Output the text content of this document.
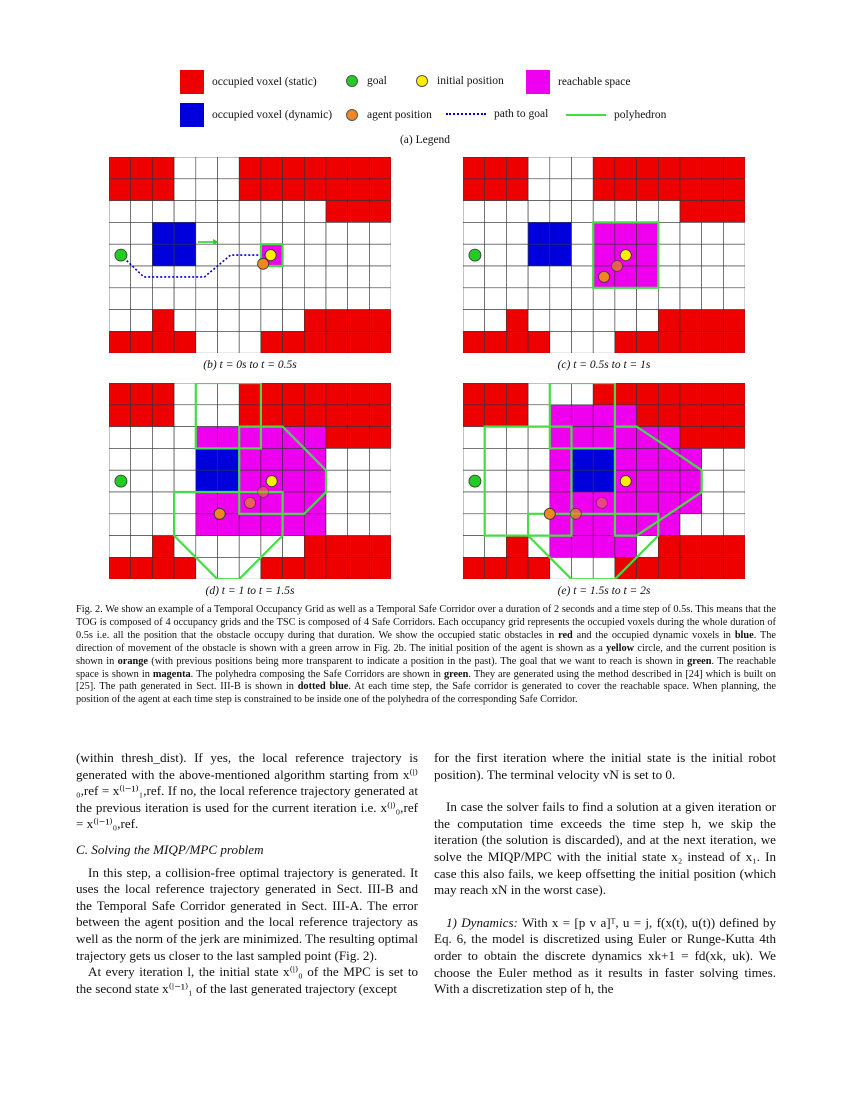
occupied voxel (static)	goal	initial position	reachable space
occupied voxel (dynamic)	agent position	path to goal	polyhedron
(a) Legend
(b) t = 0s to t = 0.5s	(c) t = 0.5s to t = 1s
(d) t = 1 to t = 1.5s	(e) t = 1.5s to t = 2s
Fig. 2. We show an example of a Temporal Occupancy Grid as well as a Temporal Safe Corridor over a duration of 2 seconds and a time step of 0.5s. This means that the TOG is composed of 4 occupancy grids and the TSC is composed of 4 Safe Corridors. Each occupancy grid represents the occupied voxels during the whole duration of 0.5s i.e. all the position that the obstacle occupy during that duration. We show the occupied static obstacles in red and the occupied dynamic voxels in blue. The direction of movement of the obstacle is shown with a green arrow in Fig. 2b. The initial position of the agent is shown as a yellow circle, and the current position is shown in orange (with previous positions being more transparent to indicate a position in the past). The goal that we want to reach is shown in green. The reachable space is shown in magenta. The polyhedra composing the Safe Corridors are shown in green. They are generated using the method described in [24] which is built on [25]. The path generated in Sect. III-B is shown in dotted blue. At each time step, the Safe corridor is generated to cover the reachable space. When planning, the position of the agent at each time step is constrained to be inside one of the polyhedra of the corresponding Safe Corridor.

(within thresh_dist). If yes, the local reference trajectory is generated with the above-mentioned algorithm starting from x⁽ˡ⁾₀,ref = x⁽ˡ⁻¹⁾₁,ref. If no, the local reference trajectory generated at the previous iteration is used for the current iteration i.e. x⁽ˡ⁾₀,ref = x⁽ˡ⁻¹⁾₀,ref.

C. Solving the MIQP/MPC problem

In this step, a collision-free optimal trajectory is generated. It uses the local reference trajectory generated in Sect. III-B and the Temporal Safe Corridor generated in Sect. III-A. The error between the agent position and the local reference trajectory as well as the norm of the jerk are minimized. The resulting optimal trajectory gets us closer to the last sampled point (Fig. 2).

At every iteration l, the initial state x⁽ˡ⁾₀ of the MPC is set to the second state x⁽ˡ⁻¹⁾₁ of the last generated trajectory (except

for the first iteration where the initial state is the initial robot position). The terminal velocity vN is set to 0.

In case the solver fails to find a solution at a given iteration or the computation time exceeds the time step h, we skip the iteration (the solution is discarded), and at the next iteration, we solve the MIQP/MPC with the initial state x₂ instead of x₁. In case this also fails, we keep offsetting the initial position (which may reach xN in the worst case).

1) Dynamics: With x = [p v a]ᵀ, u = j, f(x(t), u(t)) defined by Eq. 6, the model is discretized using Euler or Runge-Kutta 4th order to obtain the discrete dynamics xk+1 = fd(xk, uk). We choose the Euler method as it results in faster solving times. With a discretization step of h, the
